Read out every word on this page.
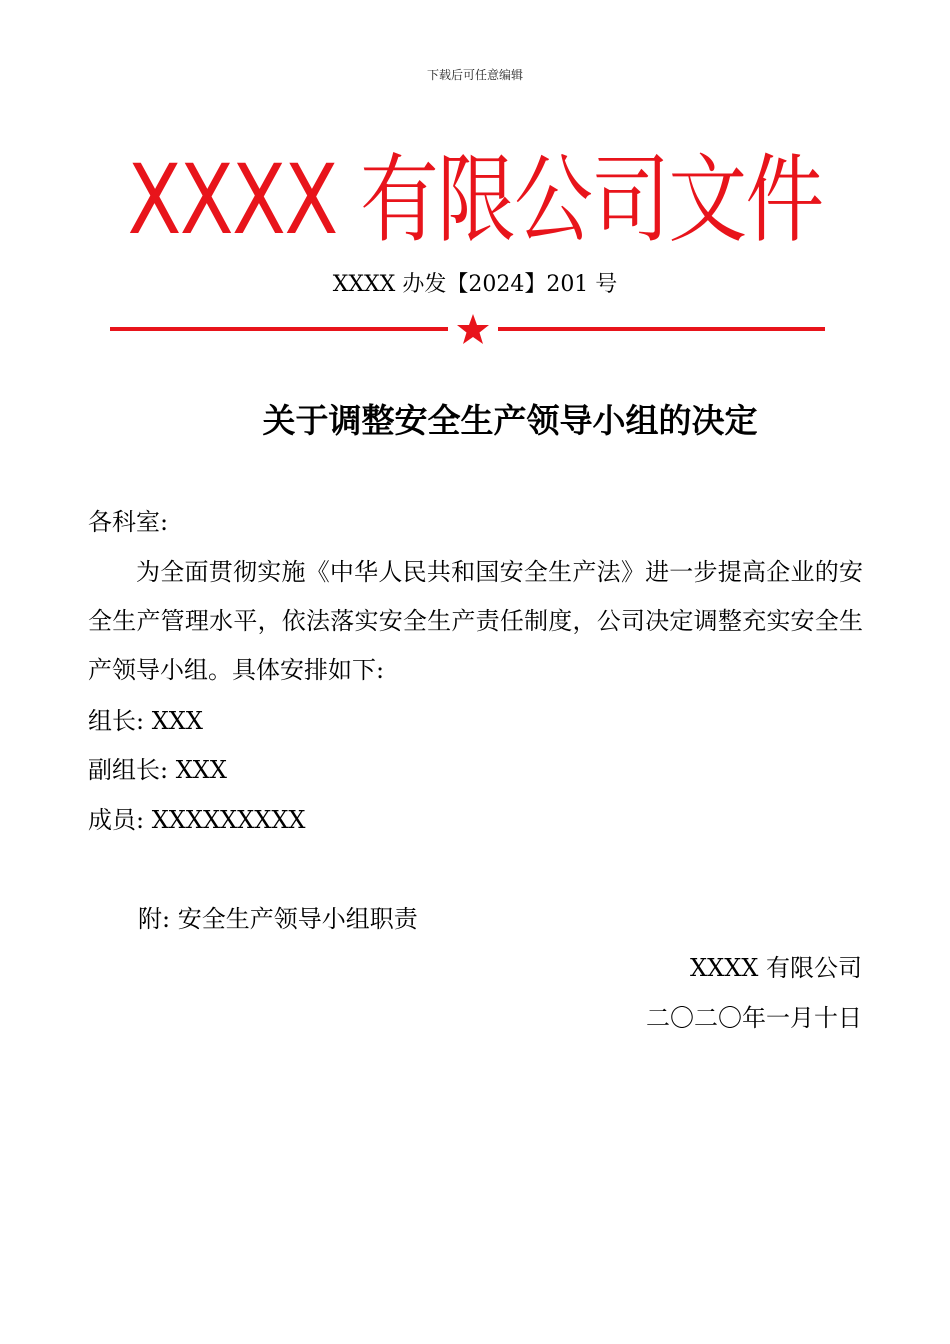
下载后可任意编辑
XXXX 有限公司文件
XXXX 办发【2024】201 号
关于调整安全生产领导小组的决定
各科室:
为全面贯彻实施《中华人民共和国安全生产法》进一步提高企业的安全生产管理水平，依法落实安全生产责任制度，公司决定调整充实安全生产领导小组。具体安排如下:
组长: XXX
副组长: XXX
成员: XXXXXXXXX
附: 安全生产领导小组职责
XXXX 有限公司
二〇二〇年一月十日
